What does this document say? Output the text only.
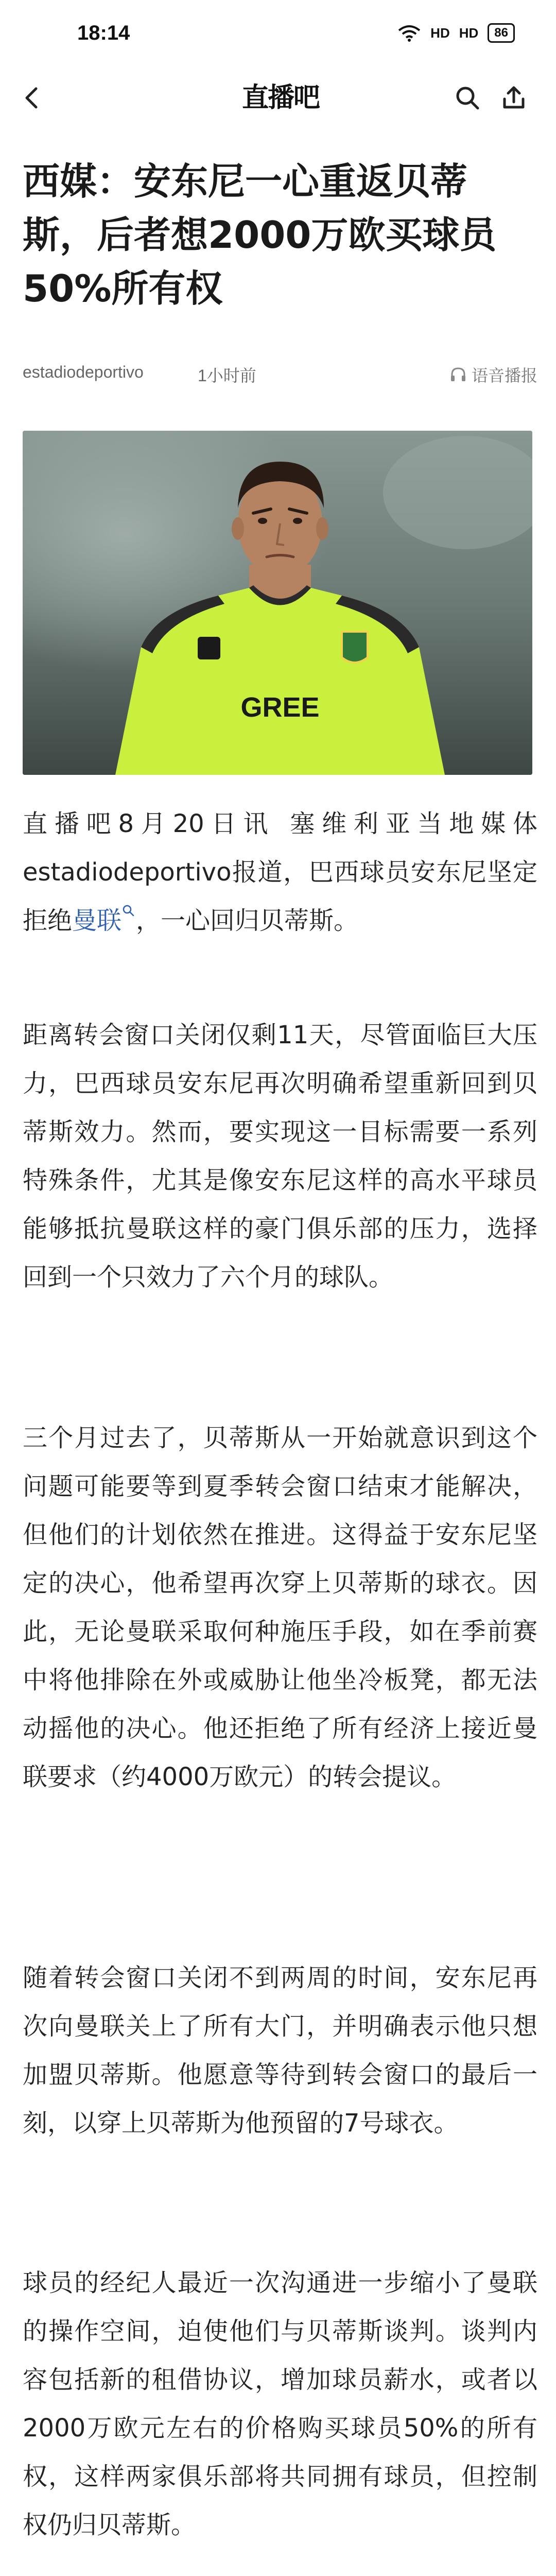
18:14	HD HD	86
直播吧
西媒：安东尼一心重返贝蒂斯，后者想2000万欧买球员50%所有权
estadiodeportivo	1小时前	语音播报
GREE

直播吧8月20日讯 塞维利亚当地媒体estadiodeportivo报道，巴西球员安东尼坚定拒绝曼联 ，一心回归贝蒂斯。

距离转会窗口关闭仅剩11天，尽管面临巨大压力，巴西球员安东尼再次明确希望重新回到贝蒂斯效力。然而，要实现这一目标需要一系列特殊条件，尤其是像安东尼这样的高水平球员能够抵抗曼联这样的豪门俱乐部的压力，选择回到一个只效力了六个月的球队。

三个月过去了，贝蒂斯从一开始就意识到这个问题可能要等到夏季转会窗口结束才能解决，但他们的计划依然在推进。这得益于安东尼坚定的决心，他希望再次穿上贝蒂斯的球衣。因此，无论曼联采取何种施压手段，如在季前赛中将他排除在外或威胁让他坐冷板凳，都无法动摇他的决心。他还拒绝了所有经济上接近曼联要求（约4000万欧元）的转会提议。

随着转会窗口关闭不到两周的时间，安东尼再次向曼联关上了所有大门，并明确表示他只想加盟贝蒂斯。他愿意等待到转会窗口的最后一刻，以穿上贝蒂斯为他预留的7号球衣。

球员的经纪人最近一次沟通进一步缩小了曼联的操作空间，迫使他们与贝蒂斯谈判。谈判内容包括新的租借协议，增加球员薪水，或者以2000万欧元左右的价格购买球员50%的所有权，这样两家俱乐部将共同拥有球员，但控制权仍归贝蒂斯。
